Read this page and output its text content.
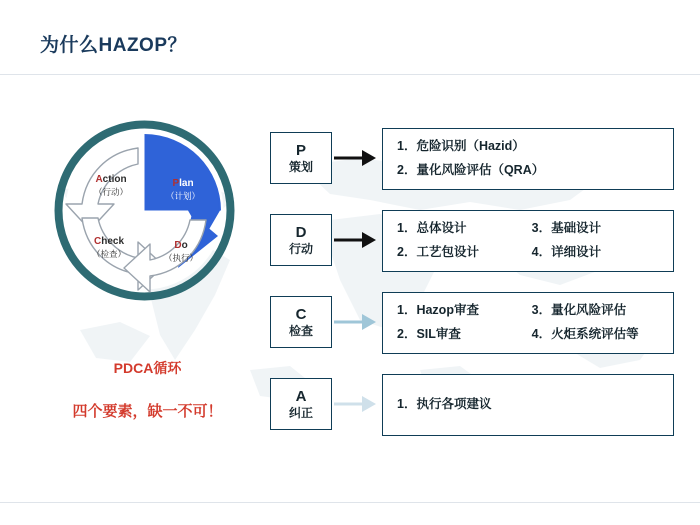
为什么HAZOP？
Plan
（计划）
Do
（执行）
Check
（检查）
Action
（行动）
PDCA循环
四个要素，缺一不可！
P
策划
D
行动
C
检查
A
纠正
1．危险识别（Hazid）
2．量化风险评估（QRA）
1．总体设计	3．基础设计
2．工艺包设计	4．详细设计
1．Hazop审查	3．量化风险评估
2．SIL审查	4．火炬系统评估等
1．执行各项建议
